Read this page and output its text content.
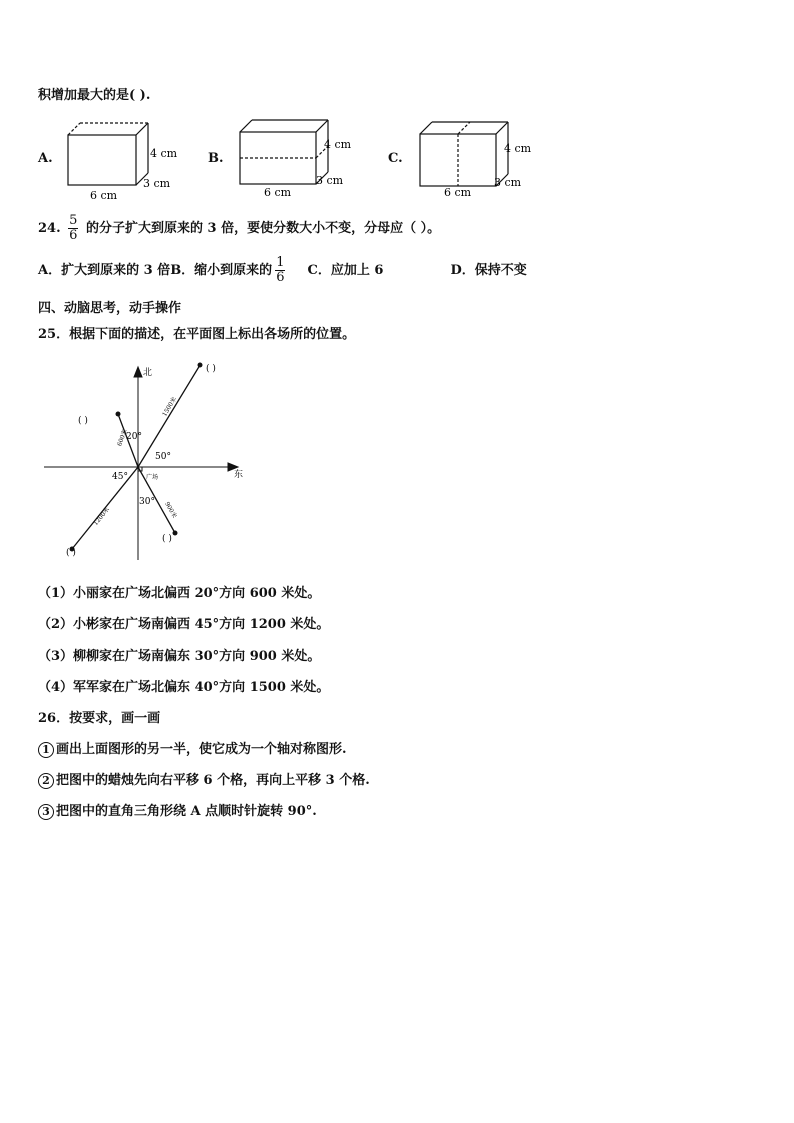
积增加最大的是( ).
A.	4 cm
3 cm
6 cm
B.
4 cm
3 cm
6 cm
C.
4 cm
3 cm
6 cm
24. $\frac{5}{6}$ 的分子扩大到原来的 3 倍，要使分数大小不变，分母应（ ）。
A．扩大到原来的 3 倍B．缩小到原来的 $\frac{1}{6}$ C．应加上 6	D．保持不变
四、动脑思考，动手操作
25．根据下面的描述，在平面图上标出各场所的位置。
北
东
广场
20°
50°
45°
30°
600米
1500米
1200米	900米
( )
( )
( )
( )
（1）小丽家在广场北偏西 20°方向 600 米处。
（2）小彬家在广场南偏西 45°方向 1200 米处。
（3）柳柳家在广场南偏东 30°方向 900 米处。
（4）军军家在广场北偏东 40°方向 1500 米处。
26．按要求，画一画
1 画出上面图形的另一半，使它成为一个轴对称图形.
2 把图中的蜡烛先向右平移 6 个格，再向上平移 3 个格.
3 把图中的直角三角形绕 A 点顺时针旋转 90°.
